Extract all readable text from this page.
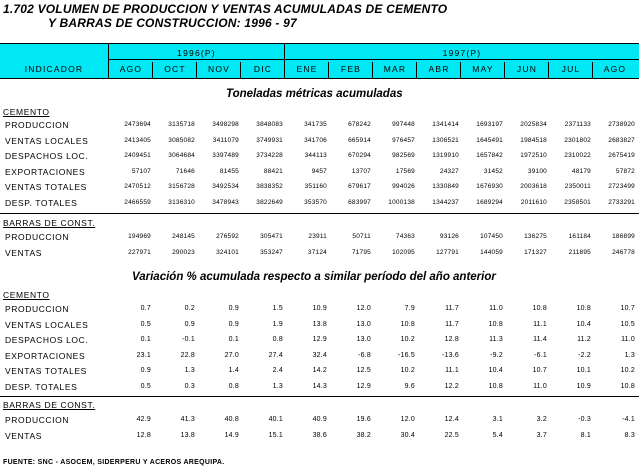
1.702 VOLUMEN DE PRODUCCION Y VENTAS ACUMULADAS DE CEMENTO
Y BARRAS DE CONSTRUCCION: 1996 - 97
INDICADOR
1996(P)	1997(P)
AGO	OCT	NOV	DIC	ENE	FEB	MAR	ABR	MAY	JUN	JUL	AGO
Toneladas métricas acumuladas
CEMENTO
PRODUCCION	2473694	3135718	3498298	3848083	341735	678242	997448	1341414	1693197	2025834	2371133	2738920
VENTAS LOCALES	2413405	3085082	3411079	3749931	341706	665914	976457	1306521	1645491	1984518	2301802	2683827
DESPACHOS LOC.	2409451	3064684	3397489	3734228	344113	670294	982569	1319910	1657842	1972510	2310022	2675419
EXPORTACIONES	57107	71646	81455	88421	9457	13707	17569	24327	31452	39100	48179	57872
VENTAS TOTALES	2470512	3156728	3492534	3838352	351160	679617	994026	1330849	1676930	2003618	2350011	2723499
DESP. TOTALES	2466559	3136310	3478943	3822649	353570	683997	1000138	1344237	1689294	2011610	2358501	2733291
BARRAS DE CONST.
PRODUCCION	194969	248145	276592	305471	23911	50711	74363	93126	107450	136275	161184	186899
VENTAS	227971	290023	324101	353247	37124	71795	102095	127791	144059	171327	211895	246778
Variación % acumulada respecto a similar período del año anterior
CEMENTO
PRODUCCION	0.7	0.2	0.9	1.5	10.9	12.0	7.9	11.7	11.0	10.8	10.8	10.7
VENTAS LOCALES	0.5	0.9	0.9	1.9	13.8	13.0	10.8	11.7	10.8	11.1	10.4	10.5
DESPACHOS LOC.	0.1	-0.1	0.1	0.8	12.9	13.0	10.2	12.8	11.3	11.4	11.2	11.0
EXPORTACIONES	23.1	22.8	27.0	27.4	32.4	-6.8	-16.5	-13.6	-9.2	-6.1	-2.2	1.3
VENTAS TOTALES	0.9	1.3	1.4	2.4	14.2	12.5	10.2	11.1	10.4	10.7	10.1	10.2
DESP. TOTALES	0.5	0.3	0.8	1.3	14.3	12.9	9.6	12.2	10.8	11.0	10.9	10.8
BARRAS DE CONST.
PRODUCCION	42.9	41.3	40.8	40.1	40.9	19.6	12.0	12.4	3.1	3.2	-0.3	-4.1
VENTAS	12.8	13.8	14.9	15.1	38.6	38.2	30.4	22.5	5.4	3.7	8.1	8.3
FUENTE: SNC - ASOCEM, SIDERPERU Y ACEROS AREQUIPA.
